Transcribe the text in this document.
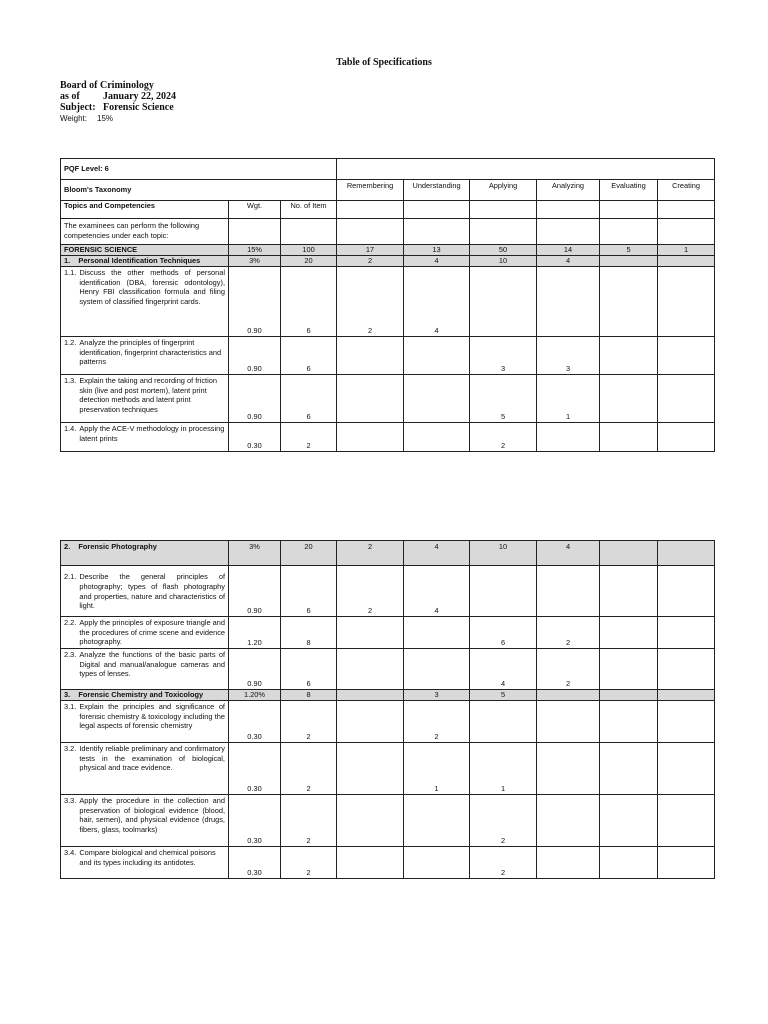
Table of Specifications
Board of Criminology
as of	January 22, 2024
Subject: Forensic Science
Weight:	15%
PQF Level: 6								
Bloom's Taxonomy			Remembering	Understanding	Applying	Analyzing	Evaluating	Creating
Topics and Competencies	Wgt.	No. of Item						
The examinees can perform the following competencies under each topic:								
FORENSIC SCIENCE	15%	100	17	13	50	14	5	1
1. Personal Identification Techniques	3%	20	2	4	10	4		

1.1. Discuss the other methods of personal identification (DBA, forensic odontology), Henry FBI classification formula and filing system of classified fingerprint cards.	0.90	6	2	4				

1.2. Analyze the principles of fingerprint identification, fingerprint characteristics and patterns	0.90	6			3	3		

1.3. Explain the taking and recording of friction skin (live and post mortem), latent print detection methods and latent print preservation techniques	0.90	6			5	1		

1.4. Apply the ACE-V methodology in processing latent prints	0.30	2			2			
2. Forensic Photography	3%	20	2	4	10	4		

2.1. Describe the general principles of photography; types of flash photography and properties, nature and characteristics of light.	0.90	6	2	4				

2.2. Apply the principles of exposure triangle and the procedures of crime scene and evidence photography.	1.20	8			6	2		

2.3. Analyze the functions of the basic parts of Digital and manual/analogue cameras and types of lenses.	0.90	6			4	2		
3. Forensic Chemistry and Toxicology	1.20%	8		3	5			

3.1. Explain the principles and significance of forensic chemistry & toxicology including the legal aspects of forensic chemistry	0.30	2		2				

3.2. Identify reliable preliminary and confirmatory tests in the examination of biological, physical and trace evidence.	0.30	2		1	1			

3.3. Apply the procedure in the collection and preservation of biological evidence (blood, hair, semen), and physical evidence (drugs, fibers, glass, toolmarks)	0.30	2			2			

3.4. Compare biological and chemical poisons and its types including its antidotes.	0.30	2			2			
